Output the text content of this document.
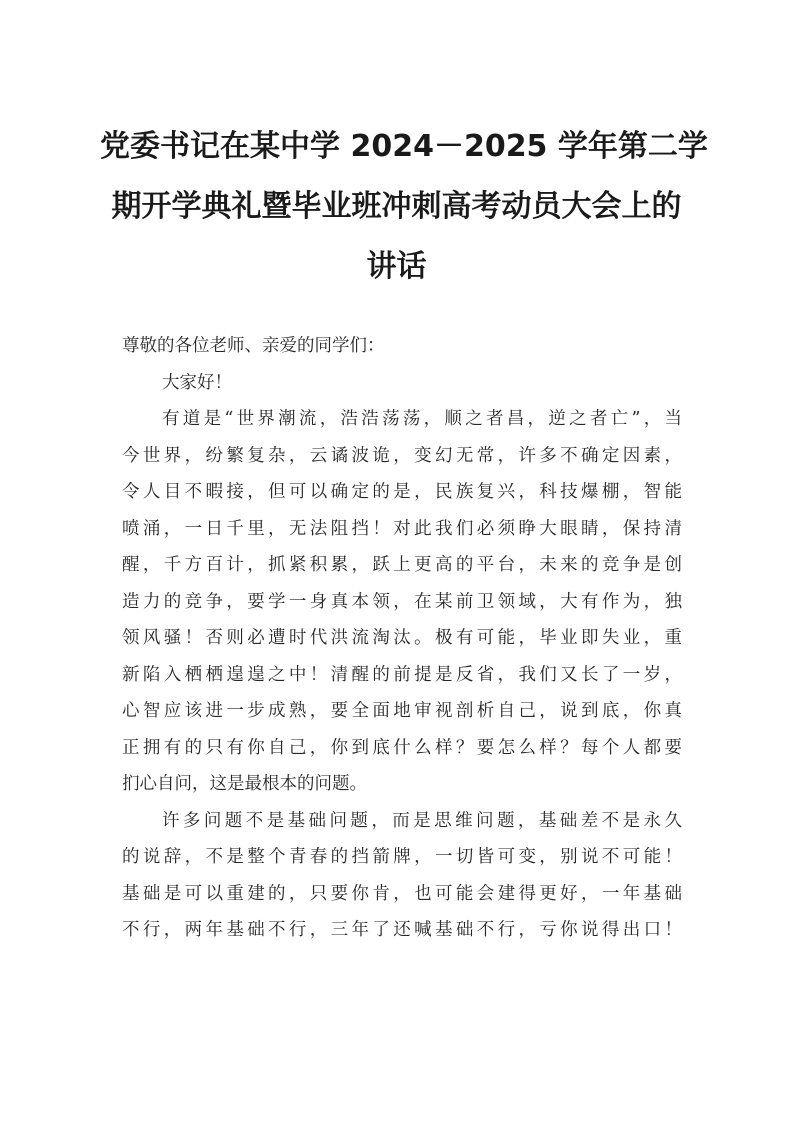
党委书记在某中学 2024－2025 学年第二学
期开学典礼暨毕业班冲刺高考动员大会上的
讲话
尊敬的各位老师、亲爱的同学们：
大家好！
有道是“世界潮流，浩浩荡荡，顺之者昌，逆之者亡”，当
今世界，纷繁复杂，云谲波诡，变幻无常，许多不确定因素，
令人目不暇接，但可以确定的是，民族复兴，科技爆棚，智能
喷涌，一日千里，无法阻挡！对此我们必须睁大眼睛，保持清
醒，千方百计，抓紧积累，跃上更高的平台，未来的竞争是创
造力的竞争，要学一身真本领，在某前卫领域，大有作为，独
领风骚！否则必遭时代洪流淘汰。极有可能，毕业即失业，重
新陷入栖栖遑遑之中！清醒的前提是反省，我们又长了一岁，
心智应该进一步成熟，要全面地审视剖析自己，说到底，你真
正拥有的只有你自己，你到底什么样？要怎么样？每个人都要
扪心自问，这是最根本的问题。
许多问题不是基础问题，而是思维问题，基础差不是永久
的说辞，不是整个青春的挡箭牌，一切皆可变，别说不可能！
基础是可以重建的，只要你肯，也可能会建得更好，一年基础
不行，两年基础不行，三年了还喊基础不行，亏你说得出口！
